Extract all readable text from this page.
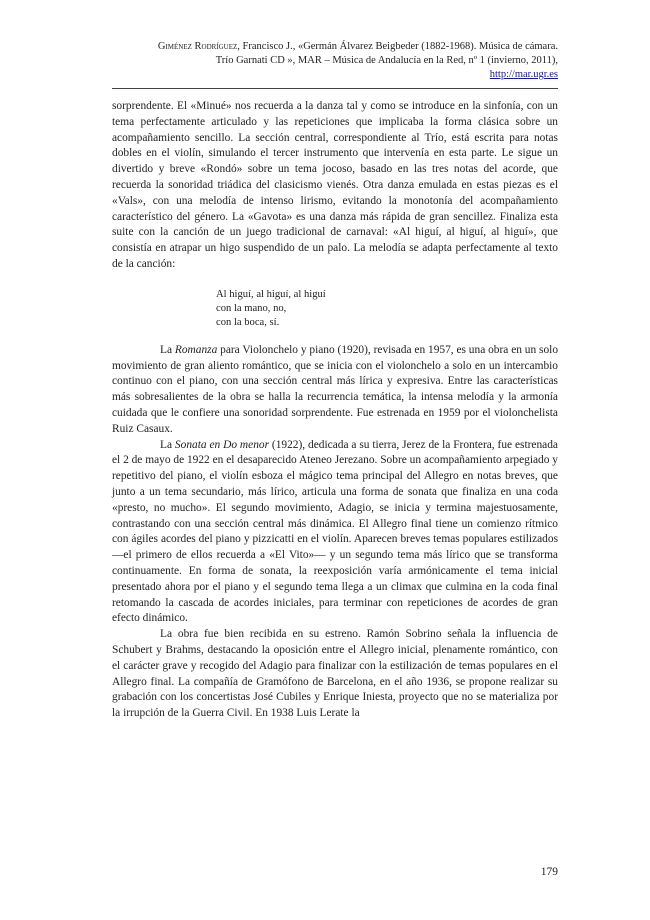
Giménez Rodríguez, Francisco J., «Germán Álvarez Beigbeder (1882-1968). Música de cámara.
Trío Garnati CD », MAR – Música de Andalucía en la Red, nº 1 (invierno, 2011),
http://mar.ugr.es

sorprendente. El «Minué» nos recuerda a la danza tal y como se introduce en la sinfonía, con un tema perfectamente articulado y las repeticiones que implicaba la forma clásica sobre un acompañamiento sencillo. La sección central, correspondiente al Trío, está escrita para notas dobles en el violín, simulando el tercer instrumento que intervenía en esta parte. Le sigue un divertido y breve «Rondó» sobre un tema jocoso, basado en las tres notas del acorde, que recuerda la sonoridad triádica del clasicismo vienés. Otra danza emulada en estas piezas es el «Vals», con una melodía de intenso lirismo, evitando la monotonía del acompañamiento característico del género. La «Gavota» es una danza más rápida de gran sencillez. Finaliza esta suite con la canción de un juego tradicional de carnaval: «Al higuí, al higuí, al higuí», que consistía en atrapar un higo suspendido de un palo. La melodía se adapta perfectamente al texto de la canción:

Al higuí, al higuí, al higuí
con la mano, no,
con la boca, sí.

La Romanza para Violonchelo y piano (1920), revisada en 1957, es una obra en un solo movimiento de gran aliento romántico, que se inicia con el violonchelo a solo en un intercambio continuo con el piano, con una sección central más lírica y expresiva. Entre las características más sobresalientes de la obra se halla la recurrencia temática, la intensa melodía y la armonía cuidada que le confiere una sonoridad sorprendente. Fue estrenada en 1959 por el violonchelista Ruiz Casaux.

La Sonata en Do menor (1922), dedicada a su tierra, Jerez de la Frontera, fue estrenada el 2 de mayo de 1922 en el desaparecido Ateneo Jerezano. Sobre un acompañamiento arpegiado y repetitivo del piano, el violín esboza el mágico tema principal del Allegro en notas breves, que junto a un tema secundario, más lírico, articula una forma de sonata que finaliza en una coda «presto, no mucho». El segundo movimiento, Adagio, se inicia y termina majestuosamente, contrastando con una sección central más dinámica. El Allegro final tiene un comienzo rítmico con ágiles acordes del piano y pizzicatti en el violín. Aparecen breves temas populares estilizados —el primero de ellos recuerda a «El Vito»— y un segundo tema más lírico que se transforma continuamente. En forma de sonata, la reexposición varía armónicamente el tema inicial presentado ahora por el piano y el segundo tema llega a un climax que culmina en la coda final retomando la cascada de acordes iniciales, para terminar con repeticiones de acordes de gran efecto dinámico.

La obra fue bien recibida en su estreno. Ramón Sobrino señala la influencia de Schubert y Brahms, destacando la oposición entre el Allegro inicial, plenamente romántico, con el carácter grave y recogido del Adagio para finalizar con la estilización de temas populares en el Allegro final. La compañía de Gramófono de Barcelona, en el año 1936, se propone realizar su grabación con los concertistas José Cubiles y Enrique Iniesta, proyecto que no se materializa por la irrupción de la Guerra Civil. En 1938 Luis Lerate la

179
